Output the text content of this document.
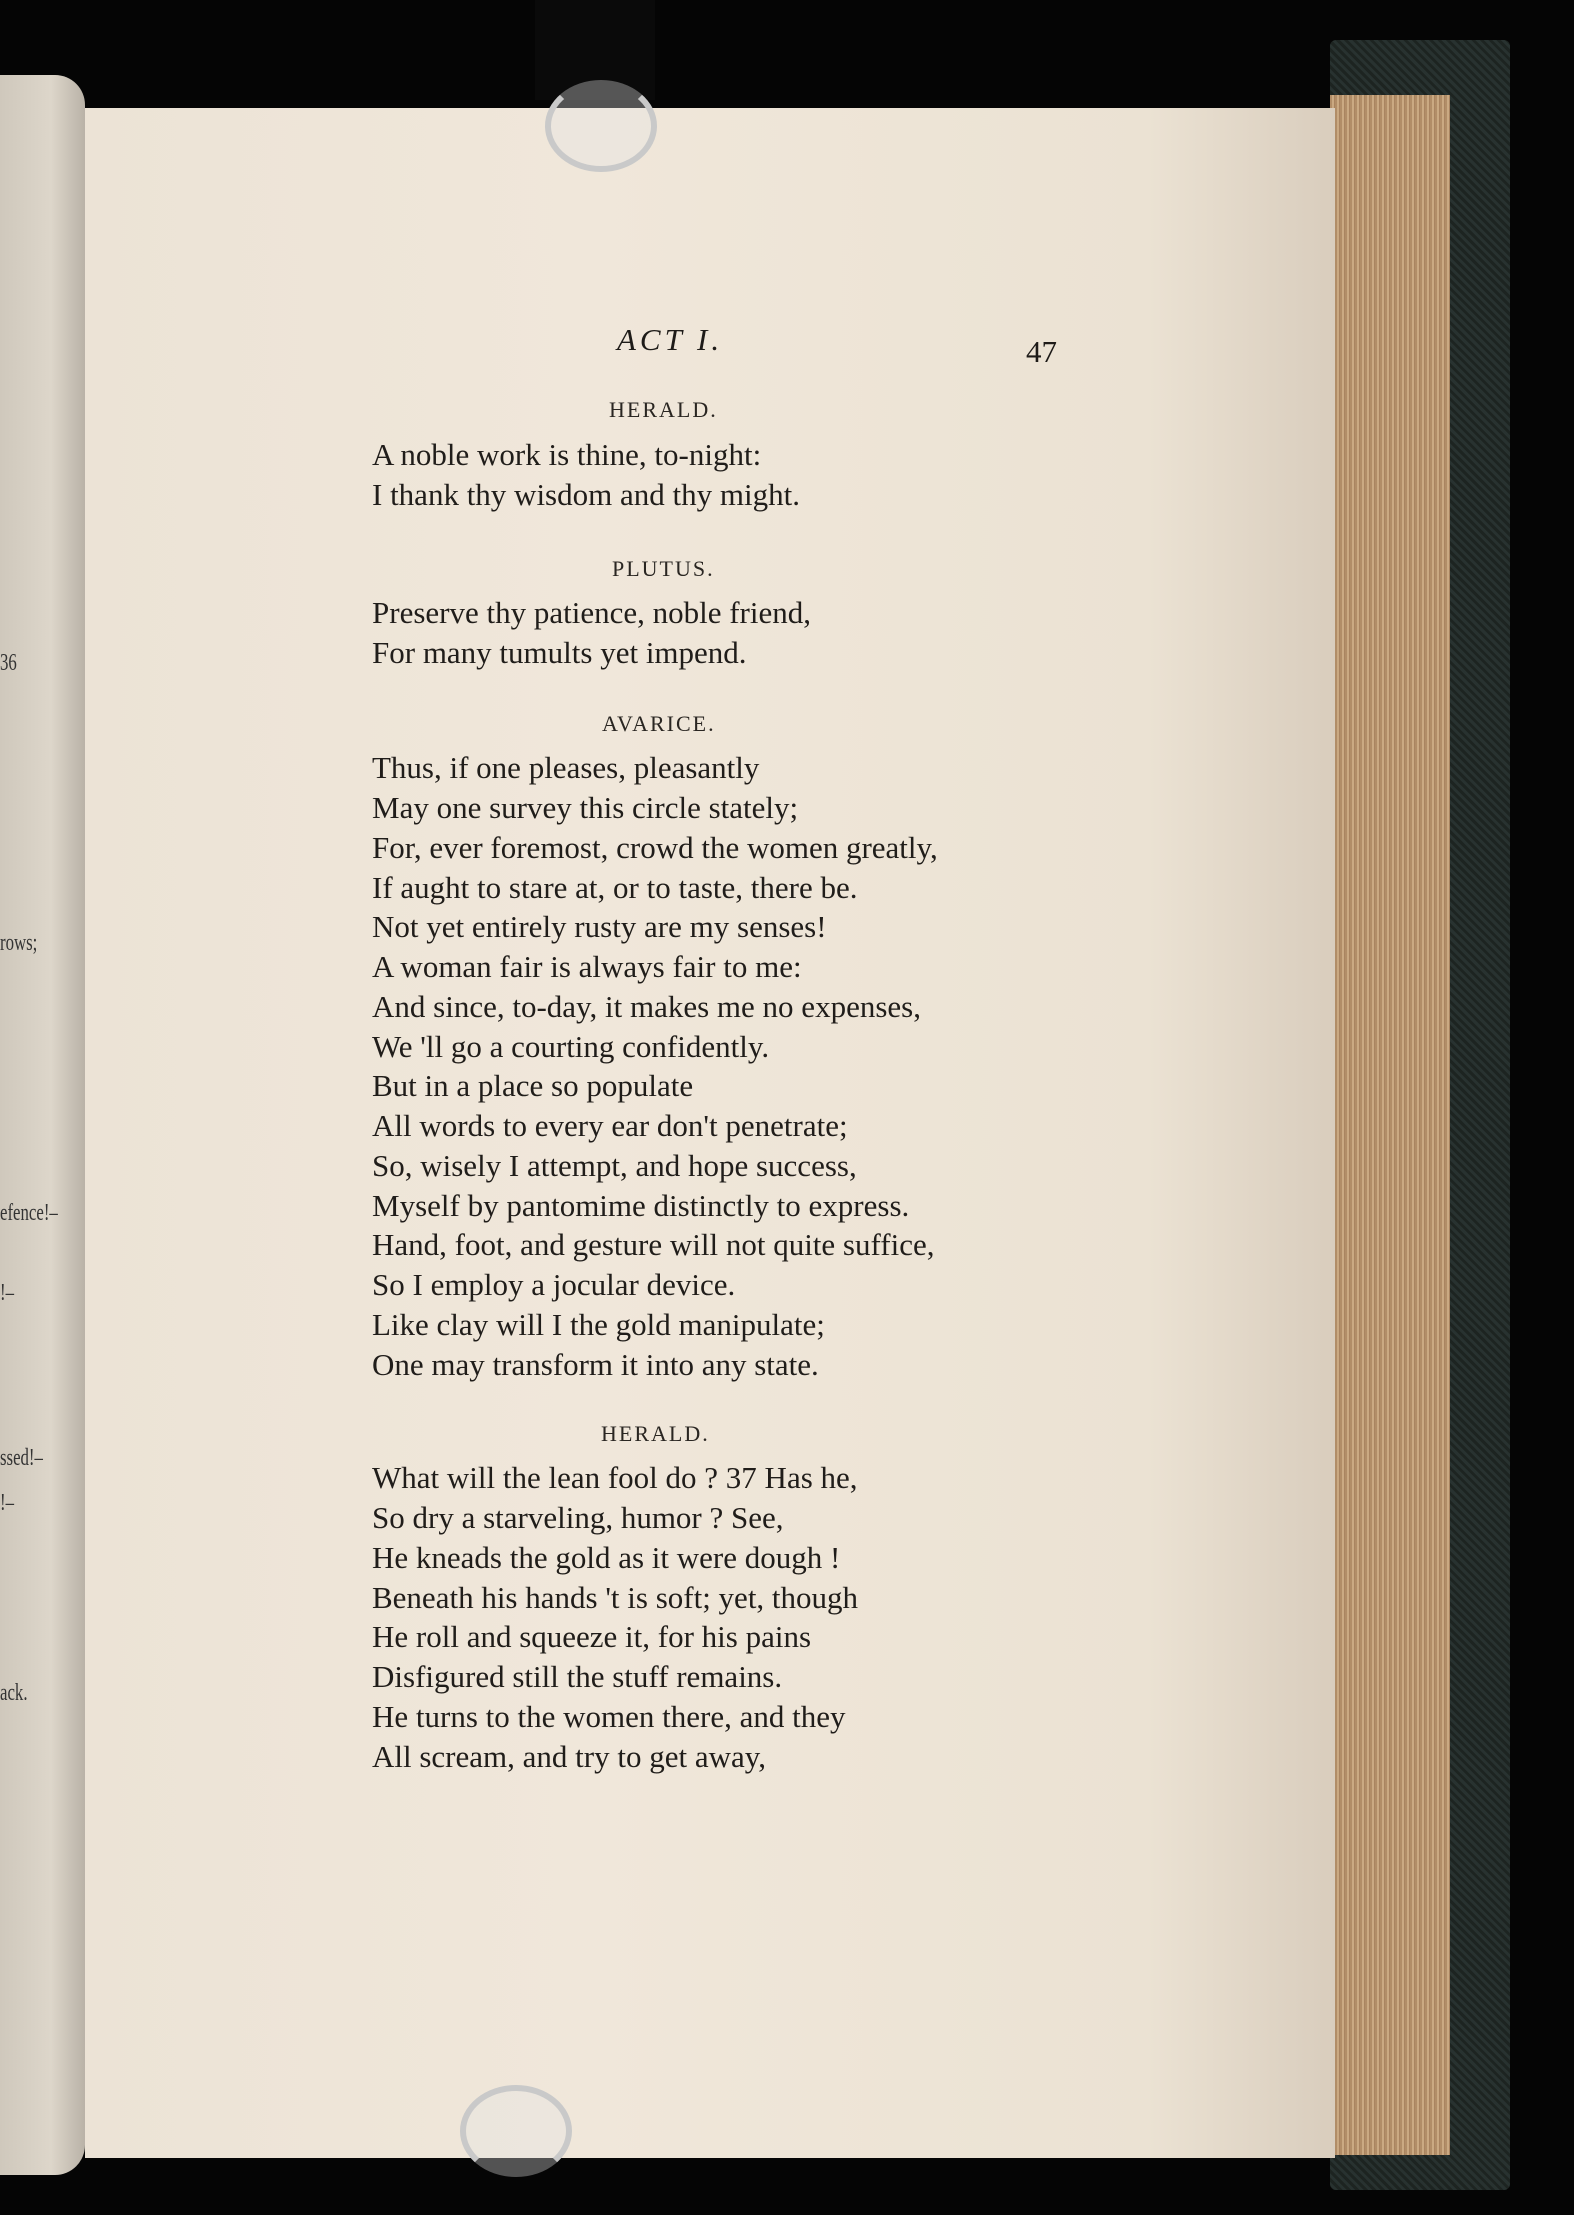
36
rows;
efence!–
!–
ssed!–
!–
ack.
ACT I.	47
HERALD.
A noble work is thine, to-night:
I thank thy wisdom and thy might.
PLUTUS.
Preserve thy patience, noble friend,
For many tumults yet impend.
AVARICE.
Thus, if one pleases, pleasantly
May one survey this circle stately;
For, ever foremost, crowd the women greatly,
If aught to stare at, or to taste, there be.
Not yet entirely rusty are my senses!
A woman fair is always fair to me:
And since, to-day, it makes me no expenses,
We 'll go a courting confidently.
But in a place so populate
All words to every ear don't penetrate;
So, wisely I attempt, and hope success,
Myself by pantomime distinctly to express.
Hand, foot, and gesture will not quite suffice,
So I employ a jocular device.
Like clay will I the gold manipulate;
One may transform it into any state.
HERALD.
What will the lean fool do ? 37 Has he,
So dry a starveling, humor ? See,
He kneads the gold as it were dough !
Beneath his hands 't is soft; yet, though
He roll and squeeze it, for his pains
Disfigured still the stuff remains.
He turns to the women there, and they
All scream, and try to get away,
